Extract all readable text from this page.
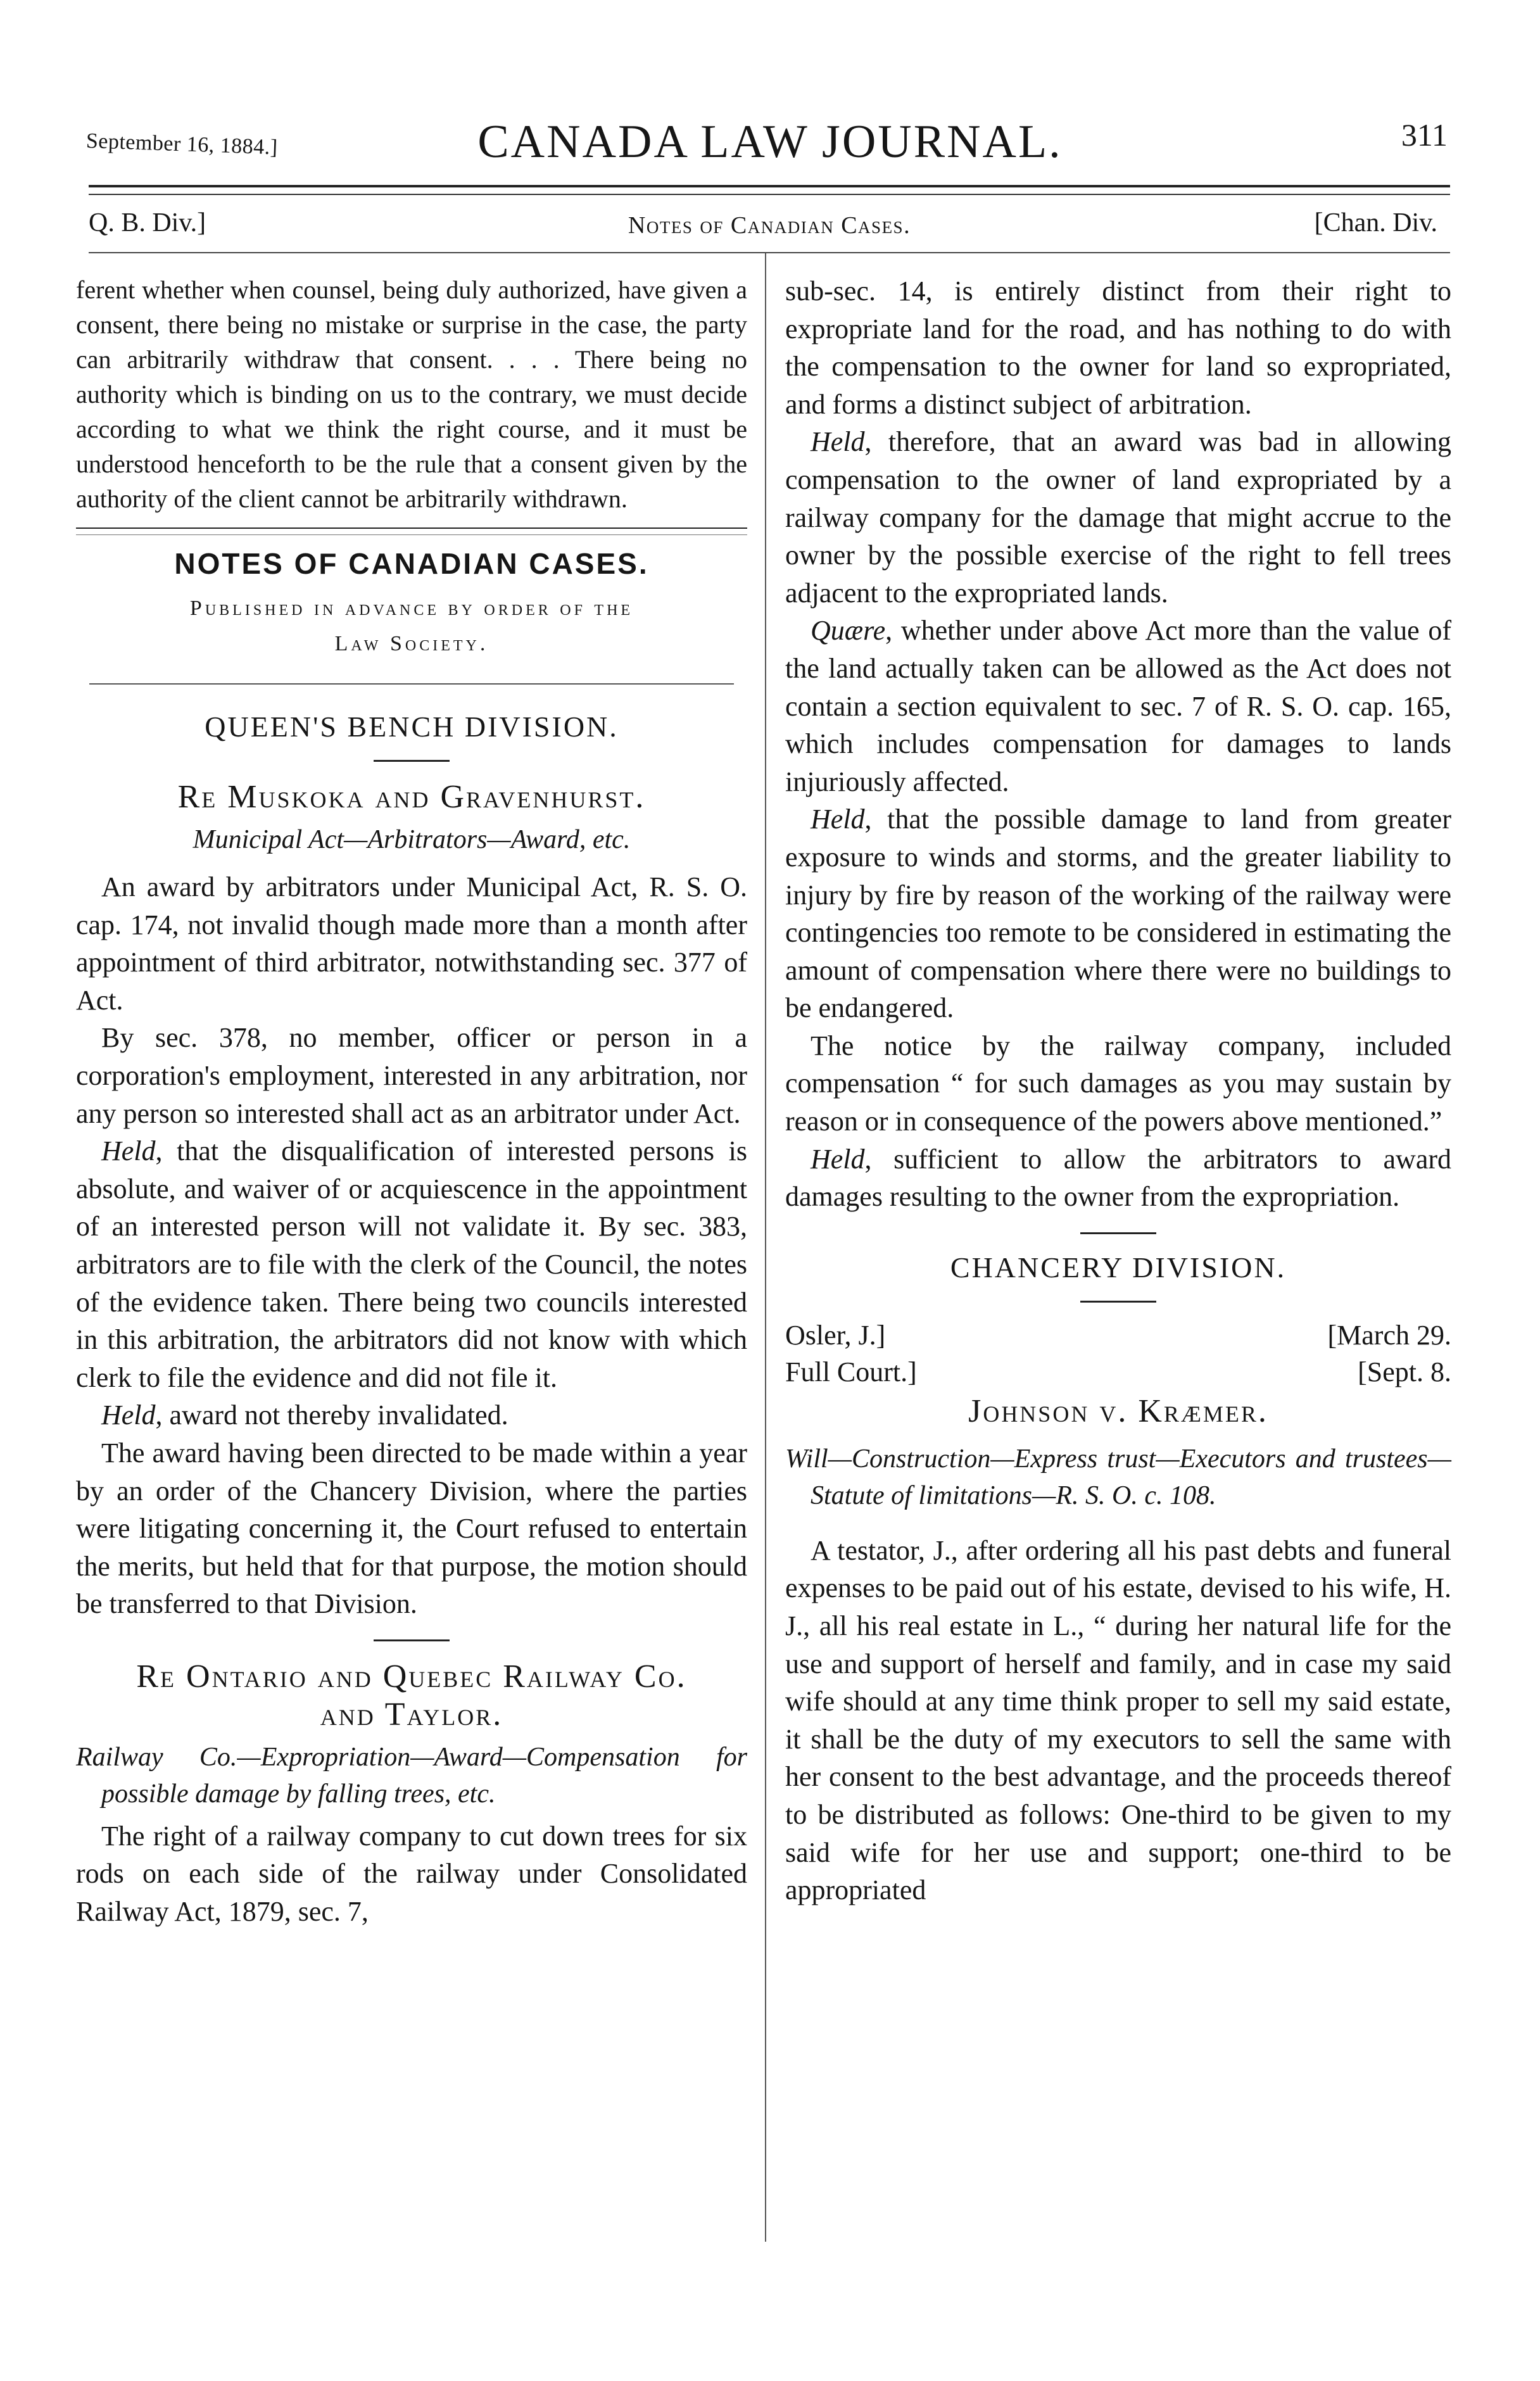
September 16, 1884.]	CANADA LAW JOURNAL.	311
Q. B. Div.]	Notes of Canadian Cases.	[Chan. Div.

ferent whether when counsel, being duly authorized, have given a consent, there being no mistake or surprise in the case, the party can arbitrarily withdraw that consent. . . . There being no authority which is binding on us to the contrary, we must decide according to what we think the right course, and it must be understood henceforth to be the rule that a consent given by the authority of the client cannot be arbitrarily withdrawn.

NOTES OF CANADIAN CASES.
Published in advance by order of the
Law Society.
QUEEN'S BENCH DIVISION.
Re Muskoka and Gravenhurst.
Municipal Act—Arbitrators—Award, etc.

An award by arbitrators under Municipal Act, R. S. O. cap. 174, not invalid though made more than a month after appointment of third arbitrator, notwithstanding sec. 377 of Act.

By sec. 378, no member, officer or person in a corporation's employment, interested in any arbitration, nor any person so interested shall act as an arbitrator under Act.

Held, that the disqualification of interested persons is absolute, and waiver of or acquiescence in the appointment of an interested person will not validate it. By sec. 383, arbitrators are to file with the clerk of the Council, the notes of the evidence taken. There being two councils interested in this arbitration, the arbitrators did not know with which clerk to file the evidence and did not file it.

Held, award not thereby invalidated.

The award having been directed to be made within a year by an order of the Chancery Division, where the parties were litigating concerning it, the Court refused to entertain the merits, but held that for that purpose, the motion should be transferred to that Division.

Re Ontario and Quebec Railway Co.
and Taylor.

Railway Co.—Expropriation—Award—Compensation for possible damage by falling trees, etc.

The right of a railway company to cut down trees for six rods on each side of the railway under Consolidated Railway Act, 1879, sec. 7,

sub-sec. 14, is entirely distinct from their right to expropriate land for the road, and has nothing to do with the compensation to the owner for land so expropriated, and forms a distinct subject of arbitration.

Held, therefore, that an award was bad in allowing compensation to the owner of land expropriated by a railway company for the damage that might accrue to the owner by the possible exercise of the right to fell trees adjacent to the expropriated lands.

Quære, whether under above Act more than the value of the land actually taken can be allowed as the Act does not contain a section equivalent to sec. 7 of R. S. O. cap. 165, which includes compensation for damages to lands injuriously affected.

Held, that the possible damage to land from greater exposure to winds and storms, and the greater liability to injury by fire by reason of the working of the railway were contingencies too remote to be considered in estimating the amount of compensation where there were no buildings to be endangered.

The notice by the railway company, included compensation “ for such damages as you may sustain by reason or in consequence of the powers above mentioned.”

Held, sufficient to allow the arbitrators to award damages resulting to the owner from the expropriation.

CHANCERY DIVISION.
Osler, J.]	[March 29.
Full Court.]	[Sept. 8.
Johnson v. Kræmer.

Will—Construction—Express trust—Executors and trustees—Statute of limitations—R. S. O. c. 108.

A testator, J., after ordering all his past debts and funeral expenses to be paid out of his estate, devised to his wife, H. J., all his real estate in L., “ during her natural life for the use and support of herself and family, and in case my said wife should at any time think proper to sell my said estate, it shall be the duty of my executors to sell the same with her consent to the best advantage, and the proceeds thereof to be distributed as follows: One-third to be given to my said wife for her use and support; one-third to be appropriated
